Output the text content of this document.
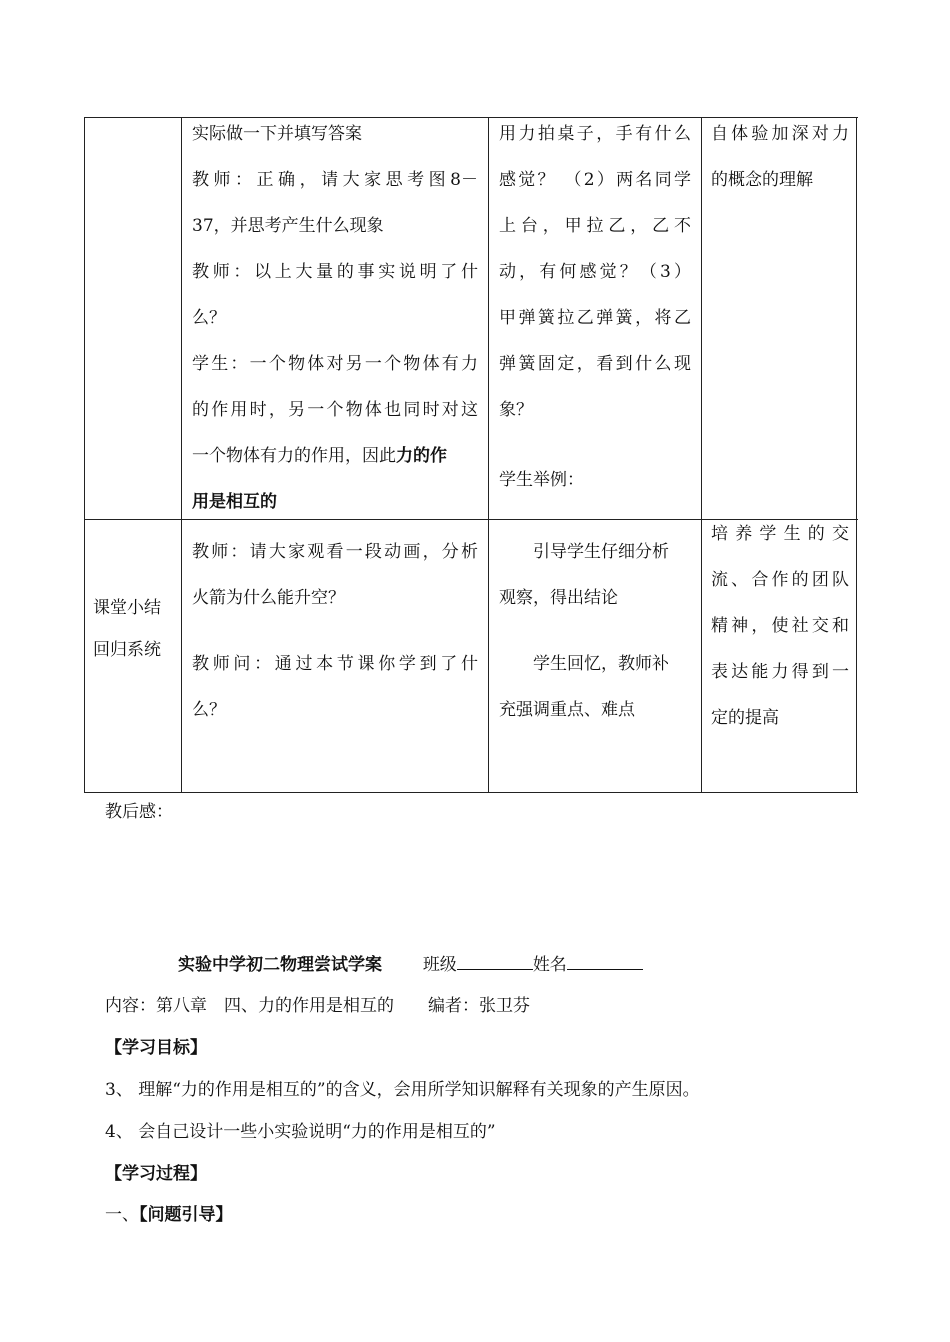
实际做一下并填写答案

教师：正确，请大家思考图8－

37，并思考产生什么现象

教师：以上大量的事实说明了什

么？

学生：一个物体对另一个物体有力

的作用时，另一个物体也同时对这

一个物体有力的作用，因此力的作

用是相互的

用力拍桌子，手有什么

感觉？ （2）两名同学

上台，甲拉乙，乙不

动，有何感觉？（3）

甲弹簧拉乙弹簧，将乙

弹簧固定，看到什么现

象？

学生举例：

自体验加深对力

的概念的理解

课堂小结

回归系统

教师：请大家观看一段动画，分析

火箭为什么能升空？

教师问：通过本节课你学到了什

么？

引导学生仔细分析

观察，得出结论

学生回忆，教师补

充强调重点、难点

培养学生的交

流、合作的团队

精神，使社交和

表达能力得到一

定的提高

教后感：
实验中学初二物理尝试学案 班级	姓名
内容：第八章　四、力的作用是相互的　　编者：张卫芬
【学习目标】
3、 理解“力的作用是相互的”的含义，会用所学知识解释有关现象的产生原因。
4、 会自己设计一些小实验说明“力的作用是相互的”
【学习过程】
一、【问题引导】
